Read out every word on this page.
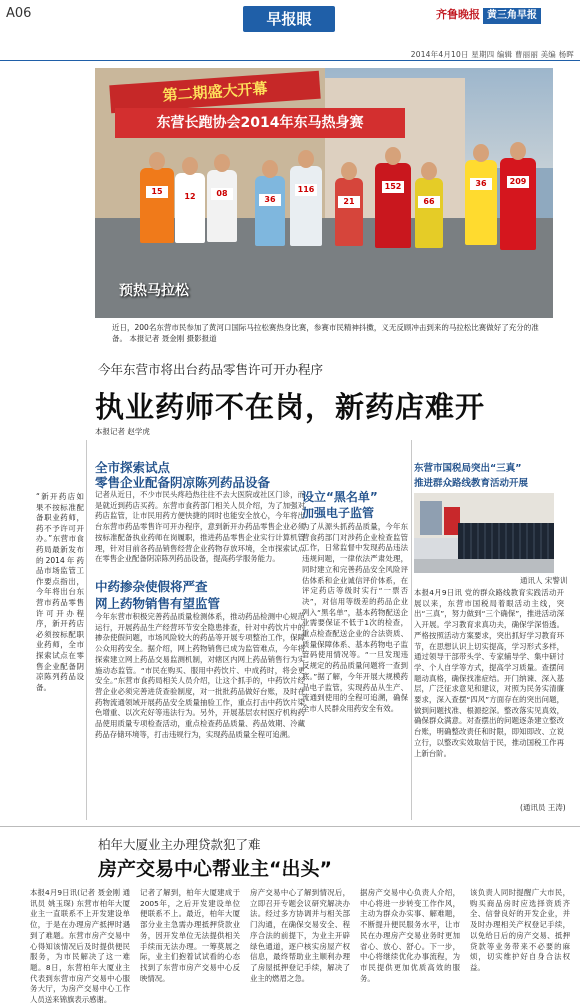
A06	早报眼	齐鲁晚报 黄三角早报
2014年4月10日 星期四 编辑 曹丽丽 美编 杨晖
第二期盛大开幕
东营长跑协会2014年东马热身赛
15
12	08
36
116
21
152
66
36	209
预热马拉松
近日，200名东营市民参加了黄河口国际马拉松赛热身比赛，参赛市民精神抖擞，义无反顾冲击到来的马拉松比赛做好了充分的准备。 本报记者 聂金刚 摄影报道
今年东营市将出台药品零售许可开办程序
执业药师不在岗，新药店难开
本报记者 赵学虎
“新开药店如果不按标准配备职业药师，药不予许可开办。”东营市食药局最新发布的2014年药品市场监管工作要点指出，今年将出台东营市药品零售许可开办程序，新开药店必须按标配职业药师，全市探索试点在零售企业配备阴凉陈列药品设备。
全市探索试点
零售企业配备阴凉陈列药品设备
记者从近日，不少市民头疼趋热往往不去大医院或社区门诊，而是就近到药店买药。东营市食药部门相关人员介绍，为了加强对药店监管，让市民用药方便快捷的同时也能安全放心，今年将出台东营市药品零售许可开办程序，意到新开办药品零售企业必须按标准配备执业药师在岗履职，推进药品零售企业实行计算机管理，针对目前各药品销售经营企业药物存放环境，全市探索试点在零售企业配备阴凉陈列药品设备，提高药学服务能力。
中药掺杂使假将严查
网上药物销售有望监管
今年东营市积极完善药品质量检测体系，推动药品检测中心规范运行，开展药品生产经营环节安全隐患排查，针对中药饮片中的掺杂使假问题，市场风险较大的药品等开展专项整治工作，保障公众用药安全。据介绍，网上药物销售已成为监管难点，今年将探索建立网上药品交易监测机制，对辖区内网上药品销售行为实施动态监管。“市民在购买、服用中药饮片、中成药时，将会更安全。”东营市食药局相关人员介绍，让这个抓手的，中药饮片经营企业必须完善进货查验制度，对一批批药品做好台账，及时在药物流通领域开展药品安全质量抽验工作，重点打击中药饮片染色增重、以次充好等违法行为。另外，开展基层农村医疗机构药品使用质量专项检查活动，重点检查药品质量、药品效期、冷藏药品存储环境等，打击违规行为，实现药品质量全程可追溯。
设立“黑名单”
加强电子监管
为了从源头抓药品质量，今年东营食药部门对涉药企业检查监管工作，日常监督中发现药品违法违规问题，一律依法严肃处理，同时建立和完善药品安全风险评估体系和企业诚信评价体系，在评定药店等级时实行“一票否决”，对信用等级差的药品企业列入“黑名单”，基本药物配送企业需要保证不低于1次的检查，重点检查配送企业的合法资质、质量保障体系、基本药物电子监管码使用情况等。“一旦发现违反规定的药品质量问题将一查到底。”据了解，今年开展大规模药品电子监管，实现药品从生产、流通到使用的全程可追溯，确保全市人民群众用药安全有效。
东营市国税局突出“三真”
推进群众路线教育活动开展
通讯人 宋警训
本报4月9日讯 党的群众路线教育实践活动开展以来，东营市国税局着眼活动主线，突出“三真”，努力做到“三个确保”，推进活动深入开展。学习教育求真功夫，确保学深悟透。严格按照活动方案要求，突出抓好学习教育环节，在思想认识上切实提高，学习形式多样，通过领导干部带头学、专家辅导学、集中研讨学、个人自学等方式，提高学习质量。查摆问题动真格，确保找准症结。开门纳谏、深入基层，广泛征求意见和建议，对照为民务实清廉要求，深入查摆“四风”方面存在的突出问题，做到问题找准、根源挖深。整改落实见真效，确保群众满意。对查摆出的问题逐条建立整改台账，明确整改责任和时限，即知即改、立说立行，以整改实效取信于民，推动国税工作再上新台阶。
(通讯员 王涛)
柏年大厦业主办理贷款犯了难
房产交易中心帮业主“出头”
本报4月9日讯(记者 聂金刚 通讯员 姚玉琛) 东营市柏年大厦业主一直联系不上开发建设单位，于是在办理房产抵押时遇到了难题。东营市房产交易中心得知该情况后及时提供便民服务，为市民解决了这一难题。8日，东营柏年大厦业主代表到东营市房产交易中心服务大厅，为房产交易中心工作人员送来锦旗表示感谢。
记者了解到，柏年大厦建成于2005年，之后开发建设单位便联系不上。最近，柏年大厦部分业主急需办理抵押贷款业务，因开发单位无法提供相关手续而无法办理。一筹莫展之际，业主们抱着试试看的心态找到了东营市房产交易中心反映情况。
房产交易中心了解到情况后，立即召开专题会议研究解决办法。经过多方协调并与相关部门沟通，在确保交易安全、程序合法的前提下，为业主开辟绿色通道，逐户核实房屋产权信息，最终帮助业主顺利办理了房屋抵押登记手续，解决了业主的燃眉之急。
据房产交易中心负责人介绍，中心将进一步转变工作作风，主动为群众办实事、解难题，不断提升便民服务水平，让市民在办理房产交易业务时更加省心、放心、舒心。下一步，中心将继续优化办事流程，为市民提供更加优质高效的服务。
该负责人同时提醒广大市民，购买商品房时应选择资质齐全、信誉良好的开发企业，并及时办理相关产权登记手续，以免给日后的房产交易、抵押贷款等业务带来不必要的麻烦，切实维护好自身合法权益。
